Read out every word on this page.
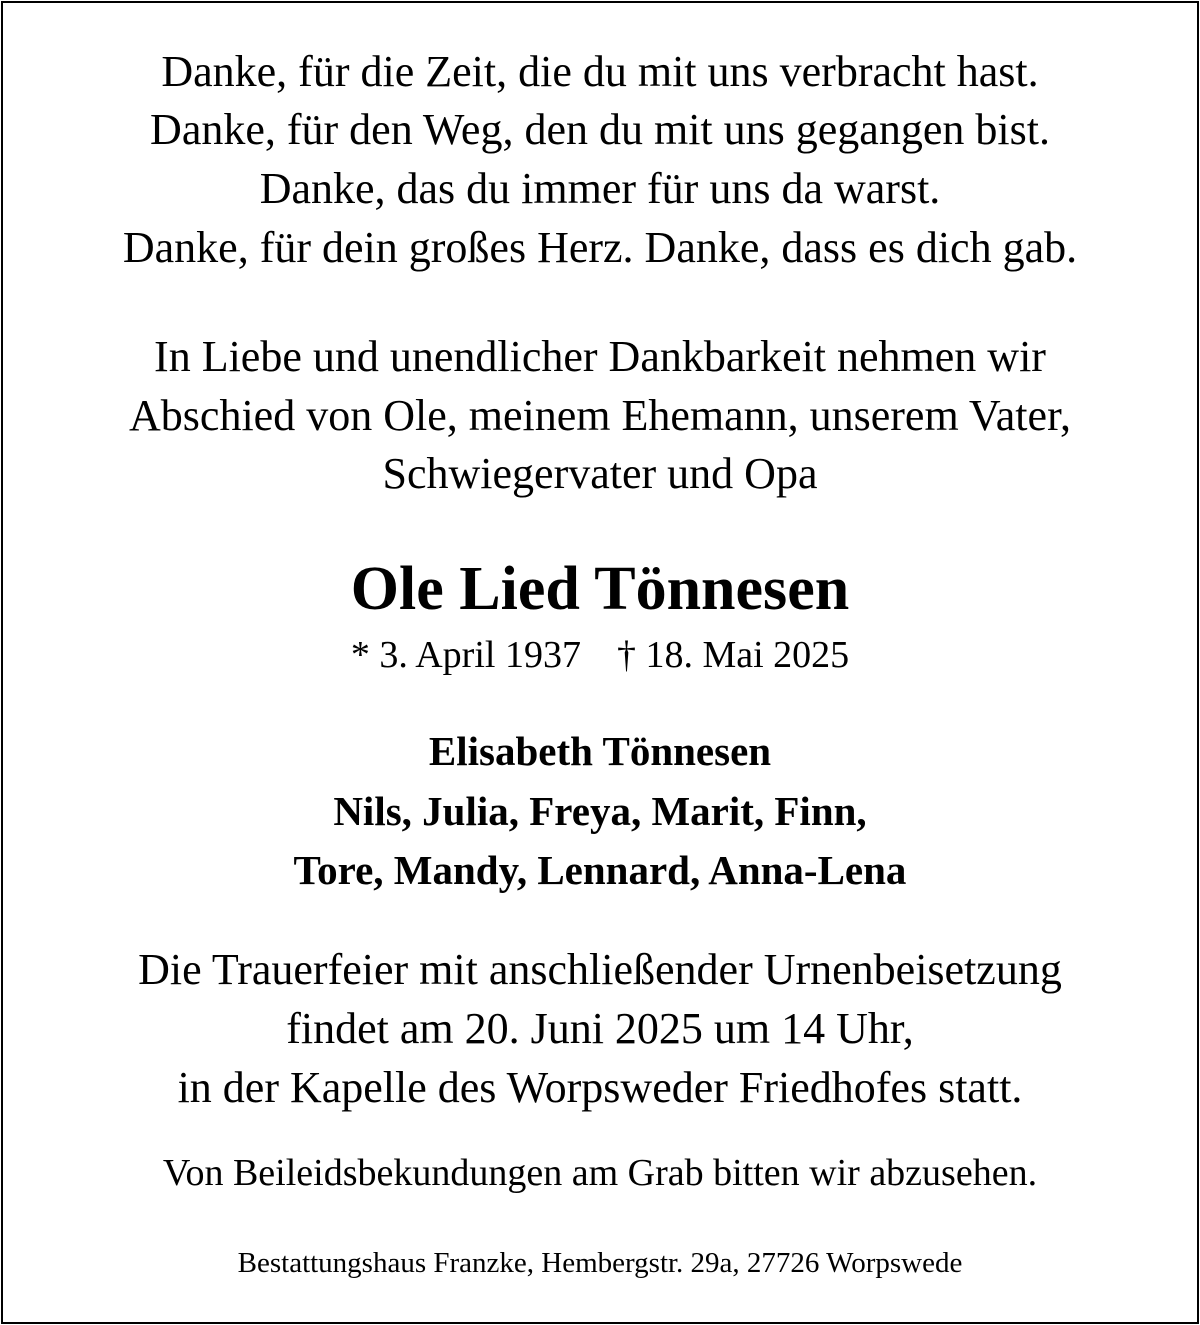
Danke, für die Zeit, die du mit uns verbracht hast.
Danke, für den Weg, den du mit uns gegangen bist.
Danke, das du immer für uns da warst.
Danke, für dein großes Herz. Danke, dass es dich gab.
In Liebe und unendlicher Dankbarkeit nehmen wir
Abschied von Ole, meinem Ehemann, unserem Vater,
Schwiegervater und Opa
Ole Lied Tönnesen
* 3. April 1937 † 18. Mai 2025
Elisabeth Tönnesen
Nils, Julia, Freya, Marit, Finn,
Tore, Mandy, Lennard, Anna-Lena
Die Trauerfeier mit anschließender Urnenbeisetzung
findet am 20. Juni 2025 um 14 Uhr,
in der Kapelle des Worpsweder Friedhofes statt.
Von Beileidsbekundungen am Grab bitten wir abzusehen.
Bestattungshaus Franzke, Hembergstr. 29a, 27726 Worpswede
